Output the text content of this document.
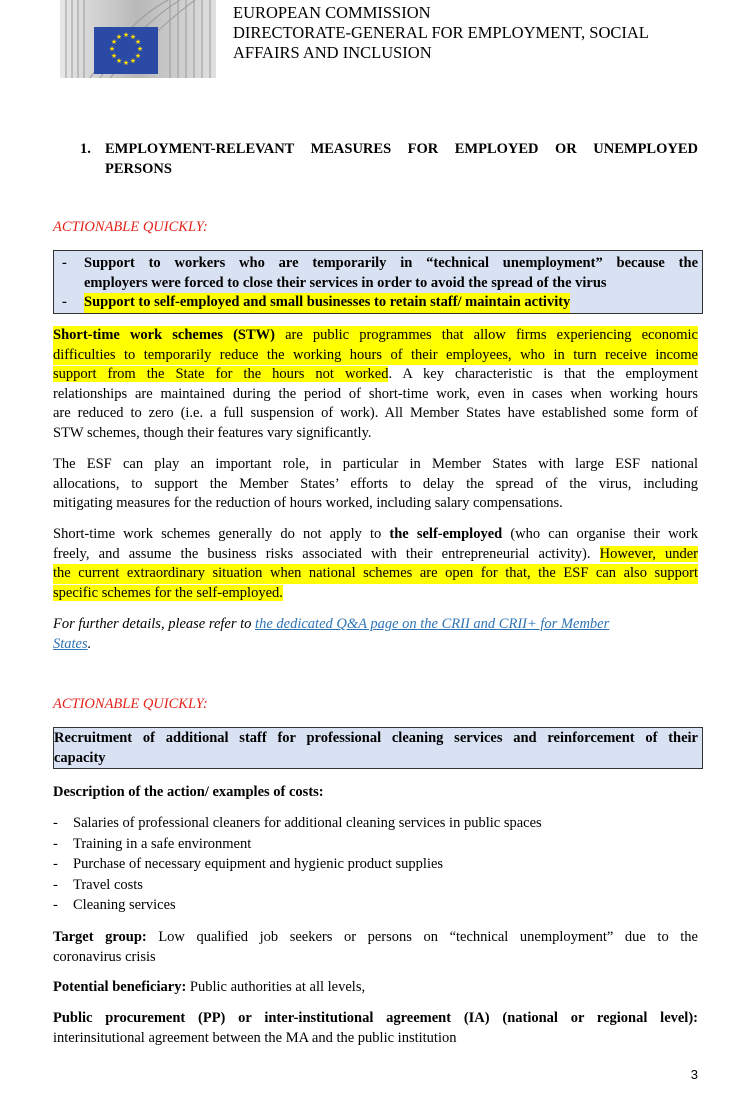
★ ★
★
★
★
★
★
★
★
★
★
★
EUROPEAN COMMISSION
DIRECTORATE-GENERAL FOR EMPLOYMENT, SOCIAL
AFFAIRS AND INCLUSION
1. EMPLOYMENT-RELEVANT MEASURES FOR EMPLOYED OR UNEMPLOYED
PERSONS
ACTIONABLE QUICKLY:
- Support to workers who are temporarily in “technical unemployment” because the
employers were forced to close their services in order to avoid the spread of the virus
- Support to self-employed and small businesses to retain staff/ maintain activity
Short-time work schemes (STW) are public programmes that allow firms experiencing economic
difficulties to temporarily reduce the working hours of their employees, who in turn receive income
support from the State for the hours not worked. A key characteristic is that the employment
relationships are maintained during the period of short-time work, even in cases when working hours
are reduced to zero (i.e. a full suspension of work). All Member States have established some form of
STW schemes, though their features vary significantly.
The ESF can play an important role, in particular in Member States with large ESF national
allocations, to support the Member States’ efforts to delay the spread of the virus, including
mitigating measures for the reduction of hours worked, including salary compensations.
Short-time work schemes generally do not apply to the self-employed (who can organise their work
freely, and assume the business risks associated with their entrepreneurial activity). However, under
the current extraordinary situation when national schemes are open for that, the ESF can also support
specific schemes for the self-employed.
For further details, please refer to the dedicated Q&A page on the CRII and CRII+ for Member
States.
ACTIONABLE QUICKLY:
Recruitment of additional staff for professional cleaning services and reinforcement of their
capacity
Description of the action/ examples of costs:
- Salaries of professional cleaners for additional cleaning services in public spaces
- Training in a safe environment
- Purchase of necessary equipment and hygienic product supplies
- Travel costs
- Cleaning services
Target group: Low qualified job seekers or persons on “technical unemployment” due to the
coronavirus crisis
Potential beneficiary: Public authorities at all levels,
Public procurement (PP) or inter-institutional agreement (IA) (national or regional level):
interinsitutional agreement between the MA and the public institution
3
